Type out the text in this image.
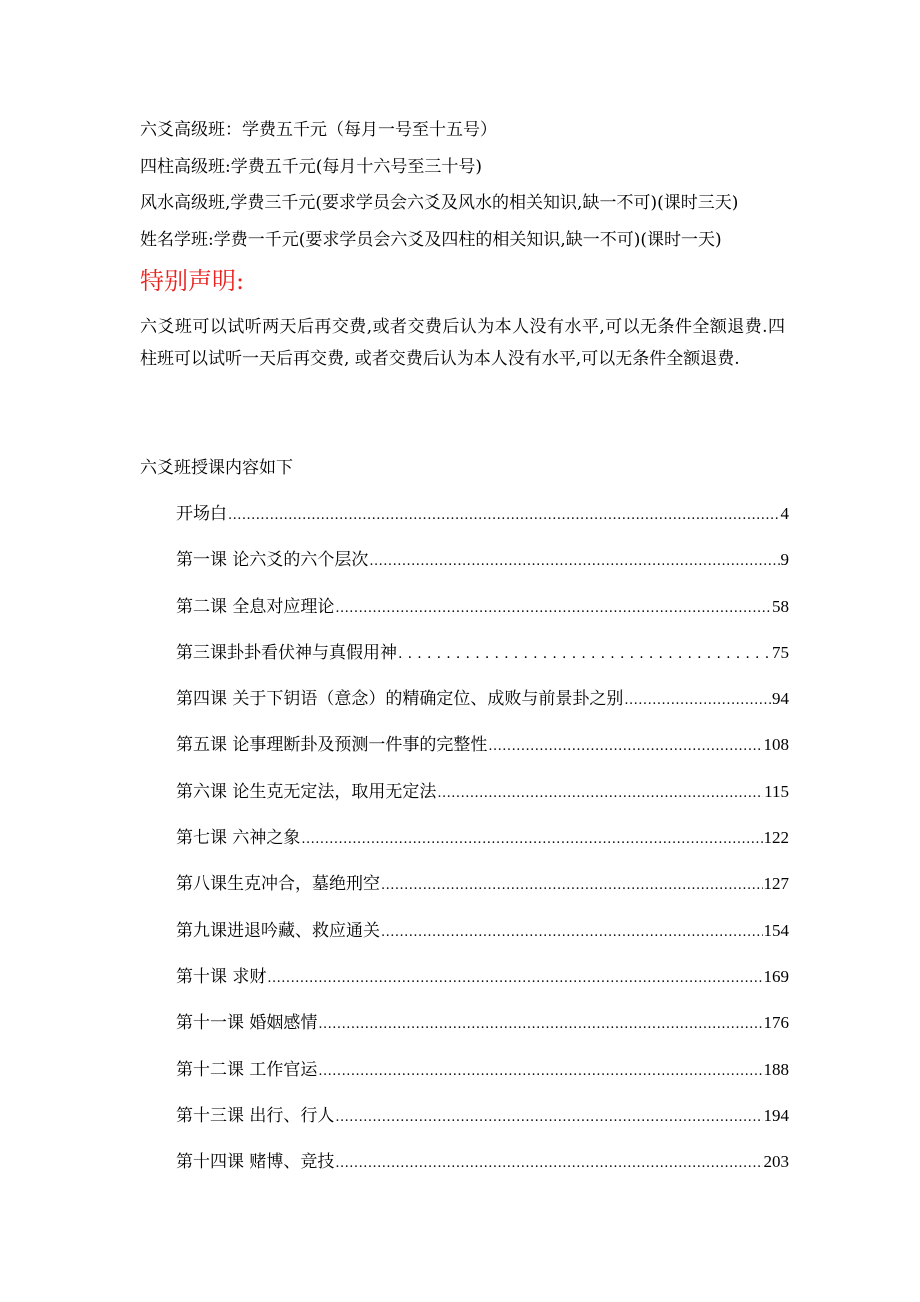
六爻高级班：学费五千元（每月一号至十五号）
四柱高级班:学费五千元(每月十六号至三十号)
风水高级班,学费三千元(要求学员会六爻及风水的相关知识,缺一不可)(课时三天)
姓名学班:学费一千元(要求学员会六爻及四柱的相关知识,缺一不可)(课时一天)
特别声明:
六爻班可以试听两天后再交费,或者交费后认为本人没有水平,可以无条件全额退费.四柱班可以试听一天后再交费, 或者交费后认为本人没有水平,可以无条件全额退费.
六爻班授课内容如下
开场白 .....	4
第一课 论六爻的六个层次 .....	9
第二课 全息对应理论 .....	58
第三课卦卦看伏神与真假用神 .....	75
第四课 关于下钥语（意念）的精确定位、成败与前景卦之别 .....	94
第五课 论事理断卦及预测一件事的完整性 .....	108
第六课 论生克无定法，取用无定法 .....	115
第七课 六神之象 .....	122
第八课生克冲合，墓绝刑空 .....	127
第九课进退吟藏、救应通关 .....	154
第十课 求财 .....	169
第十一课 婚姻感情 .....	176
第十二课 工作官运 .....	188
第十三课 出行、行人 .....	194
第十四课 赌博、竞技 .....	203
